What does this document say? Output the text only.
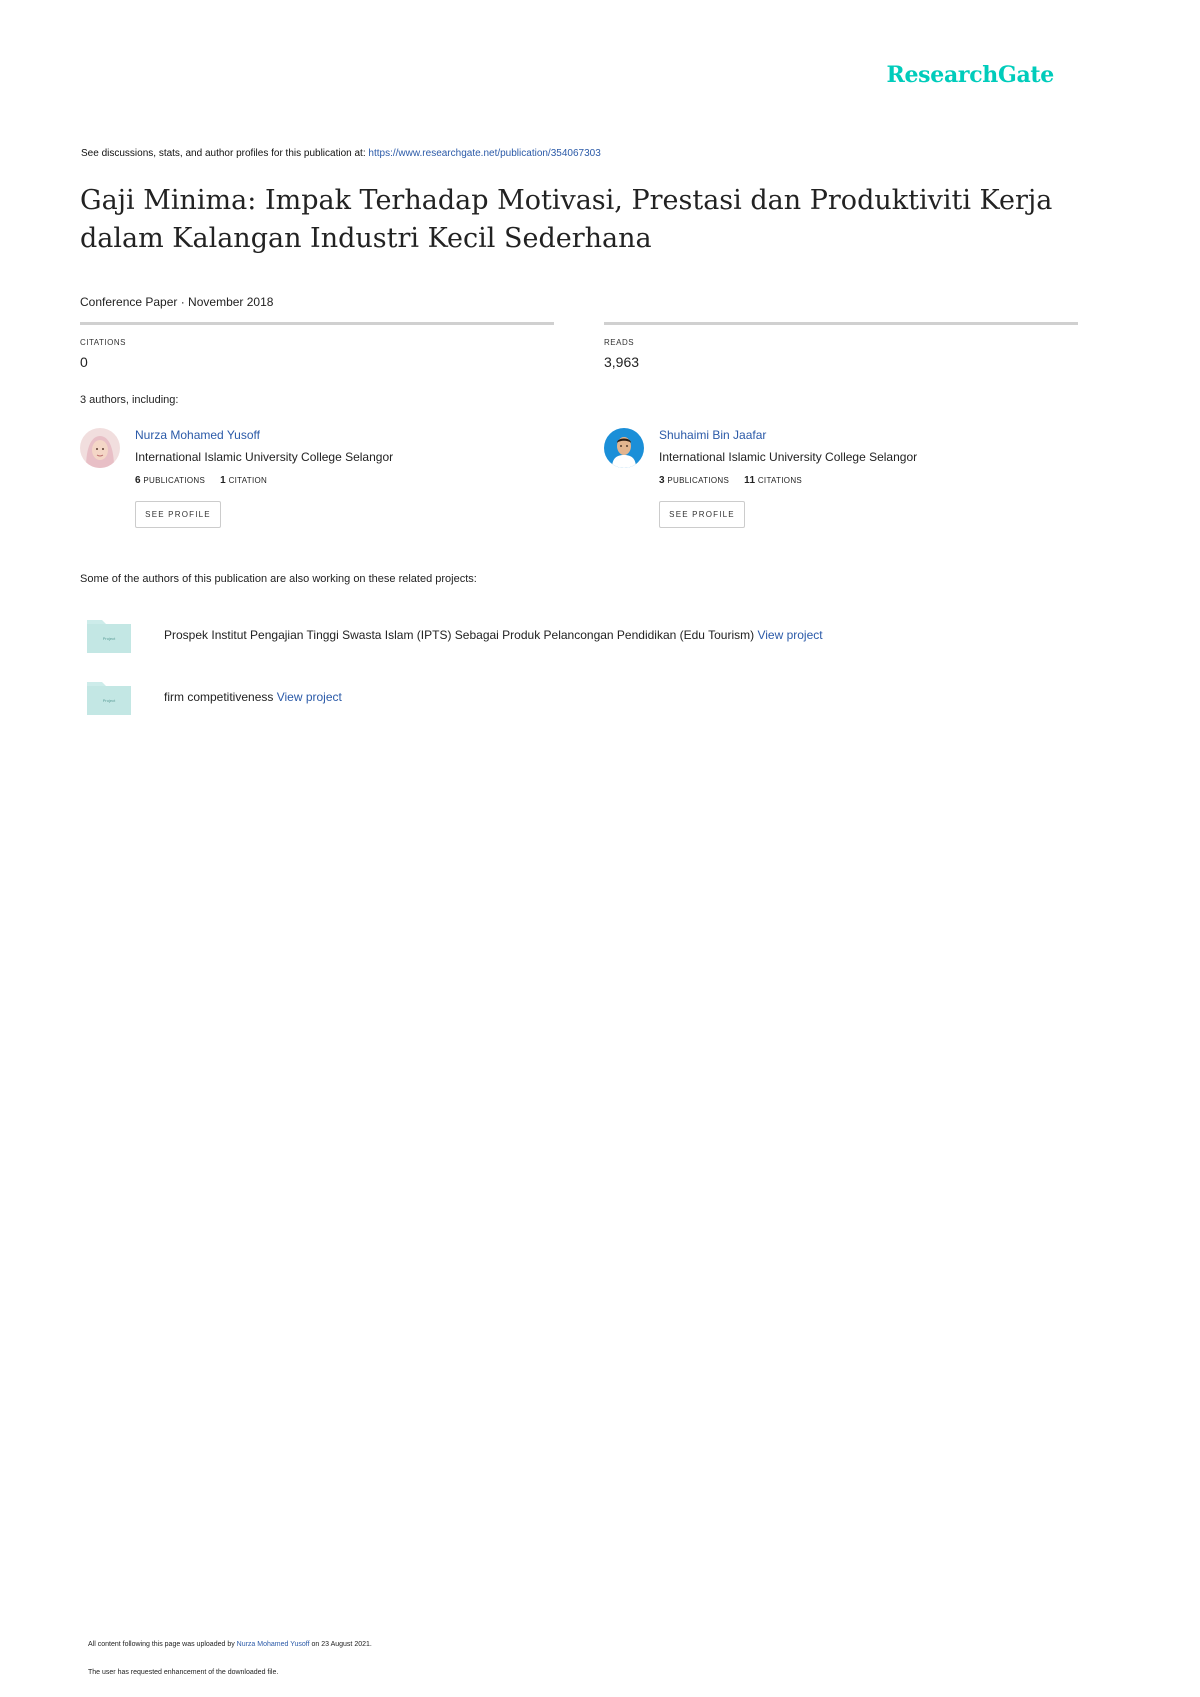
ResearchGate
See discussions, stats, and author profiles for this publication at: https://www.researchgate.net/publication/354067303
Gaji Minima: Impak Terhadap Motivasi, Prestasi dan Produktiviti Kerja dalam Kalangan Industri Kecil Sederhana
Conference Paper · November 2018
CITATIONS
0
READS
3,963
3 authors, including:
Nurza Mohamed Yusoff
International Islamic University College Selangor
6 PUBLICATIONS 1 CITATION
SEE PROFILE
Shuhaimi Bin Jaafar
International Islamic University College Selangor
3 PUBLICATIONS 11 CITATIONS
SEE PROFILE
Some of the authors of this publication are also working on these related projects:
Project	Prospek Institut Pengajian Tinggi Swasta Islam (IPTS) Sebagai Produk Pelancongan Pendidikan (Edu Tourism) View project
Project	firm competitiveness View project
All content following this page was uploaded by Nurza Mohamed Yusoff on 23 August 2021.
The user has requested enhancement of the downloaded file.
